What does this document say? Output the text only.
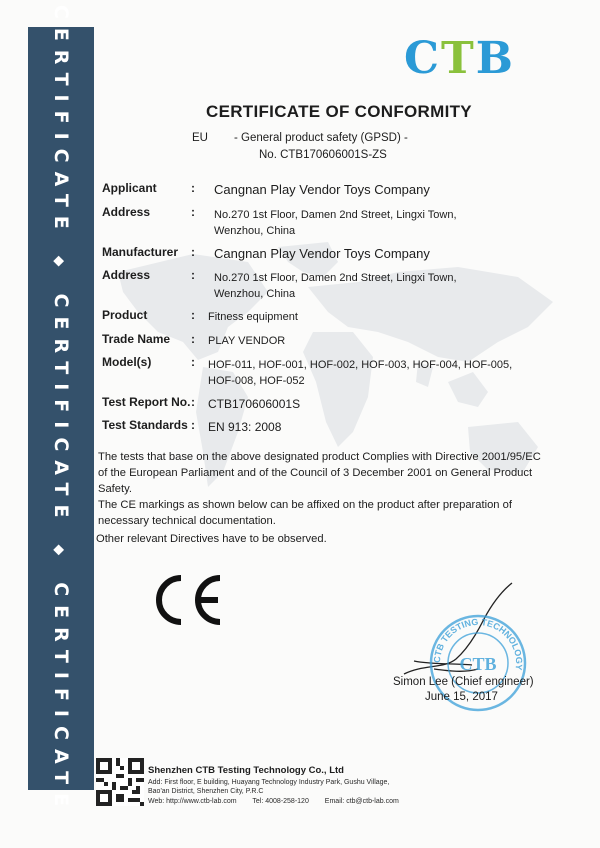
CERTIFICATE◆CERTIFICATE◆CERTIFICATE
CTB
CERTIFICATE OF CONFORMITY
EU - General product safety (GPSD) -
No. CTB170606001S-ZS
Applicant	: Cangnan Play Vendor Toys Company
Address	: No.270 1st Floor, Damen 2nd Street, Lingxi Town,
Wenzhou, China
Manufacturer : Cangnan Play Vendor Toys Company
Address	: No.270 1st Floor, Damen 2nd Street, Lingxi Town,
Wenzhou, China
Product	: Fitness equipment
Trade Name : PLAY VENDOR
Model(s)	: HOF-011, HOF-001, HOF-002, HOF-003, HOF-004, HOF-005,
HOF-008, HOF-052
Test Report No. : CTB170606001S
Test Standards : EN 913: 2008
The tests that base on the above designated product Complies with Directive 2001/95/EC
of the European Parliament and of the Council of 3 December 2001 on General Product
Safety.
The CE markings as shown below can be affixed on the product after preparation of
necessary technical documentation.
Other relevant Directives have to be observed.
CTB TESTING TECHNOLOGY
CTB
Simon Lee (Chief engineer)
June 15, 2017
Shenzhen CTB Testing Technology Co., Ltd
Add: First floor, E building, Huayang Technology Industry Park, Gushu Village,
Bao'an District, Shenzhen City, P.R.C
Web: http://www.ctb-lab.com Tel: 4008-258-120 Email: ctb@ctb-lab.com
